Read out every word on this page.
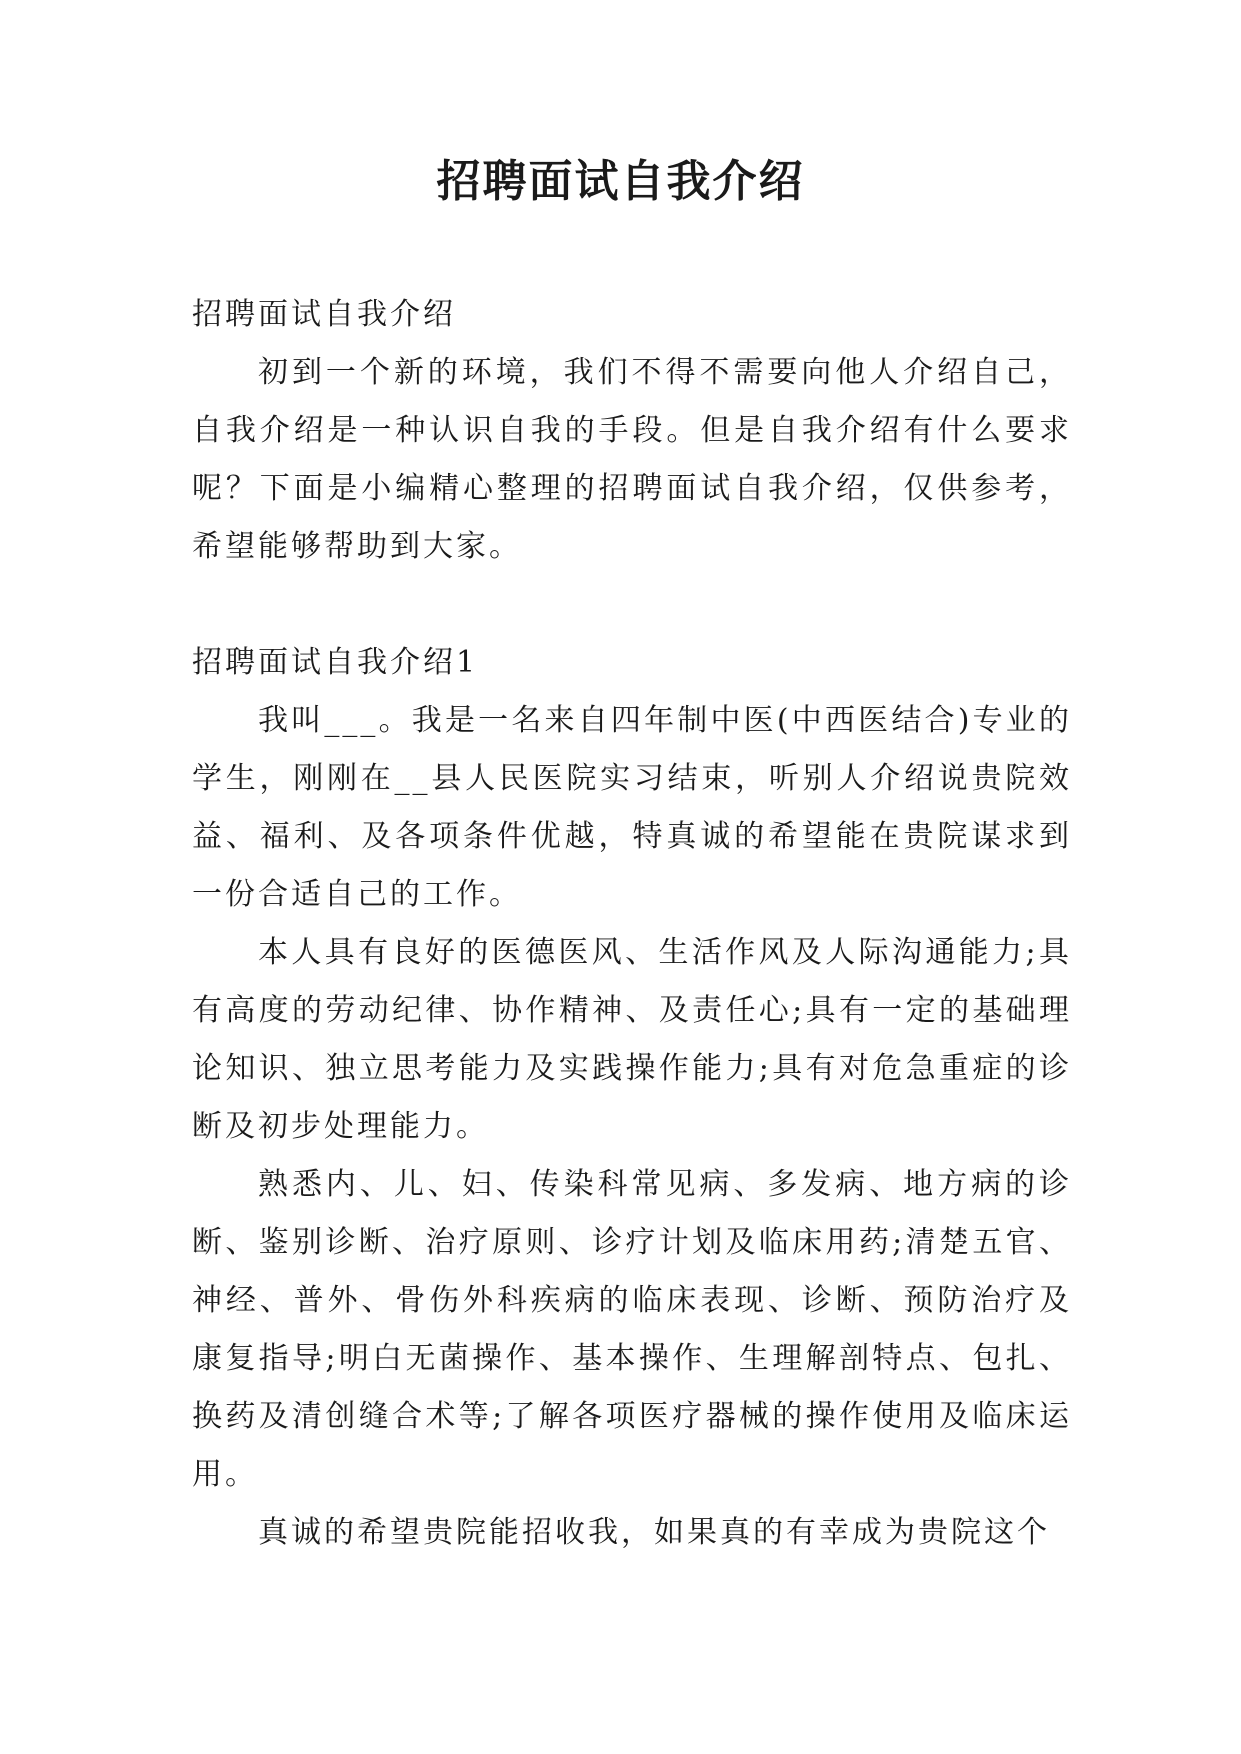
招聘面试自我介绍

招聘面试自我介绍

初到一个新的环境，我们不得不需要向他人介绍自己，自我介绍是一种认识自我的手段。但是自我介绍有什么要求呢？下面是小编精心整理的招聘面试自我介绍，仅供参考，希望能够帮助到大家。

招聘面试自我介绍1

我叫___。我是一名来自四年制中医(中西医结合)专业的学生，刚刚在__县人民医院实习结束，听别人介绍说贵院效益、福利、及各项条件优越，特真诚的希望能在贵院谋求到一份合适自己的工作。

本人具有良好的医德医风、生活作风及人际沟通能力;具有高度的劳动纪律、协作精神、及责任心;具有一定的基础理论知识、独立思考能力及实践操作能力;具有对危急重症的诊断及初步处理能力。

熟悉内、儿、妇、传染科常见病、多发病、地方病的诊断、鉴别诊断、治疗原则、诊疗计划及临床用药;清楚五官、神经、普外、骨伤外科疾病的临床表现、诊断、预防治疗及康复指导;明白无菌操作、基本操作、生理解剖特点、包扎、换药及清创缝合术等;了解各项医疗器械的操作使用及临床运用。

真诚的希望贵院能招收我，如果真的有幸成为贵院这个
